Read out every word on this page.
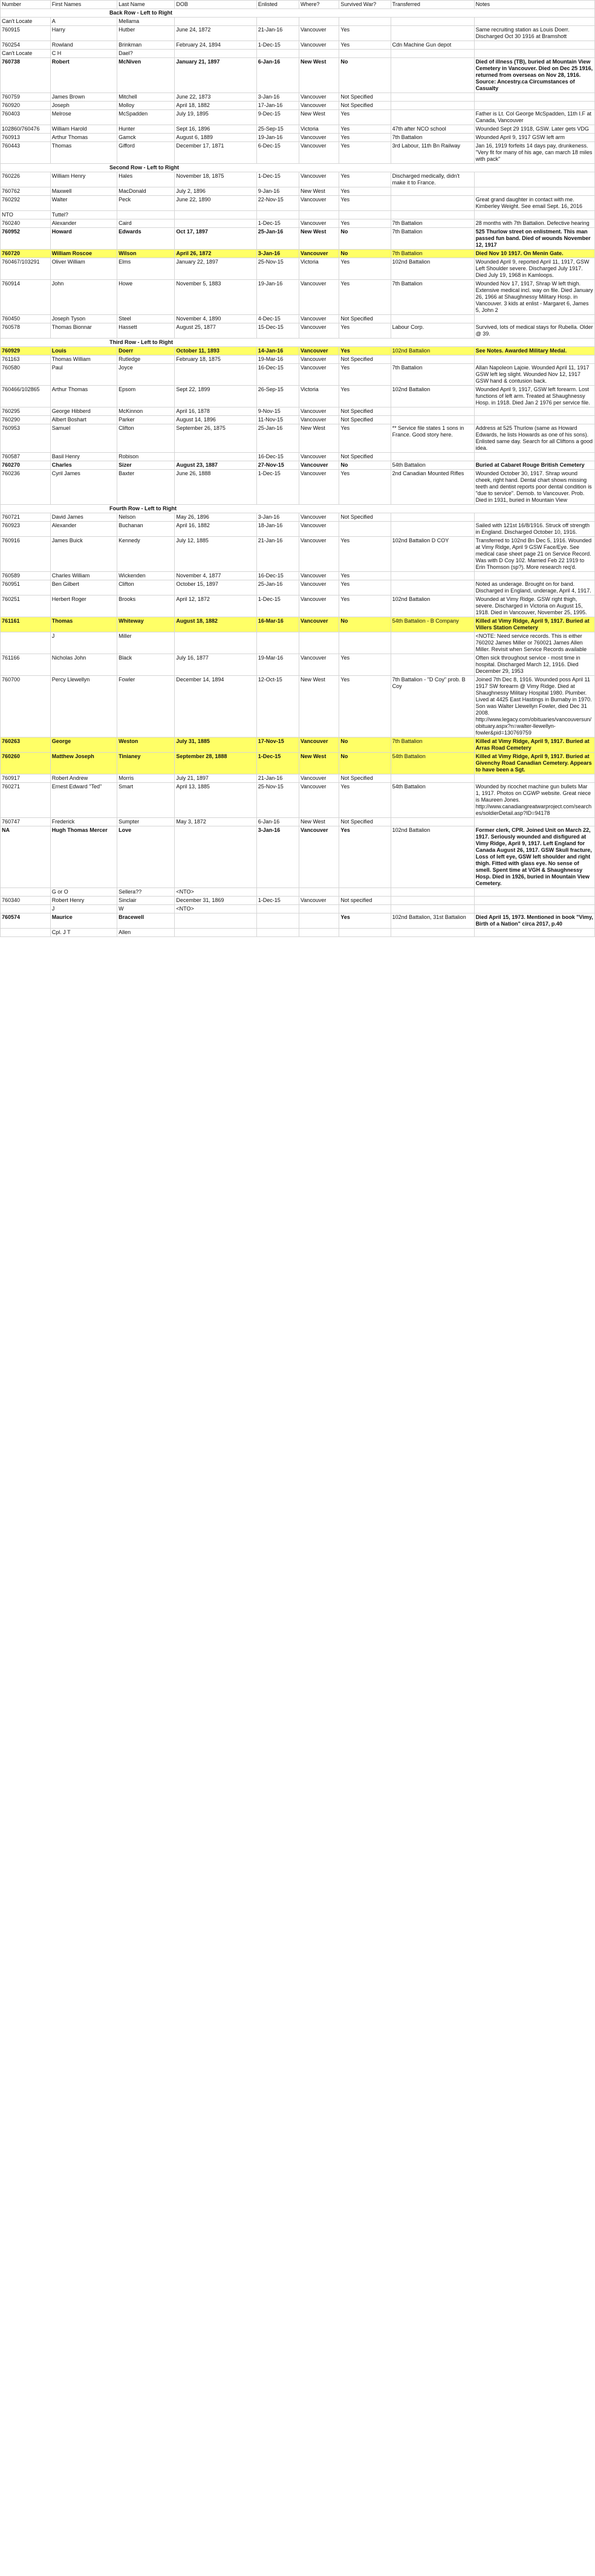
Number	First Names	Last Name	DOB	Enlisted	Where?	Survived War?	Transferred	Notes
Back Row - Left to Right								
Can't Locate	A	Mellama						
760915	Harry	Hutber	June 24, 1872	21-Jan-16	Vancouver	Yes		Same recruiting station as Louis Doerr. Discharged Oct 30 1916 at Bramshott
760254	Rowland	Brinkman	February 24, 1894	1-Dec-15	Vancouver	Yes	Cdn Machine Gun depot	
Can't Locate	C H	Dael?						
760738	Robert	McNiven	January 21, 1897	6-Jan-16	New West	No		Died of illness (TB), buried at Mountain View Cemetery in Vancouver. Died on Dec 25 1916, returned from overseas on Nov 28, 1916. Source: Ancestry.ca Circumstances of Casualty
760759	James Brown	Mitchell	June 22, 1873	3-Jan-16	Vancouver	Not Specified		
760920	Joseph	Molloy	April 18, 1882	17-Jan-16	Vancouver	Not Specified		
760403	Melrose	McSpadden	July 19, 1895	9-Dec-15	New West	Yes		Father is Lt. Col George McSpadden, 11th I.F at Canada, Vancouver
102860/760476	William Harold	Hunter	Sept 16, 1896	25-Sep-15	Victoria	Yes	47th after NCO school	Wounded Sept 29 1918, GSW. Later gets VDG
760913	Arthur Thomas	Gamck	August 6, 1889	19-Jan-16	Vancouver	Yes	7th Battalion	Wounded April 9, 1917 GSW left arm
760443	Thomas	Gifford	December 17, 1871	6-Dec-15	Vancouver	Yes	3rd Labour, 11th Bn Railway	Jan 16, 1919 forfeits 14 days pay, drunkeness. "Very fit for many of his age, can march 18 miles with pack"
Second Row - Left to Right								
760226	William Henry	Hales	November 18, 1875	1-Dec-15	Vancouver	Yes	Discharged medically, didn't make it to France.	
760762	Maxwell	MacDonald	July 2, 1896	9-Jan-16	New West	Yes		
760292	Walter	Peck	June 22, 1890	22-Nov-15	Vancouver	Yes		Great grand daughter in contact with me. Kimberley Weight. See email Sept. 16, 2016
NTO	Tuttel?							
760240	Alexander	Caird		1-Dec-15	Vancouver	Yes	7th Battalion	28 months with 7th Battalion. Defective hearing
760952	Howard	Edwards	Oct 17, 1897	25-Jan-16	New West	No	7th Battalion	525 Thurlow street on enlistment. This man passed fun band. Died of wounds November 12, 1917
760720	William Roscoe	Wilson	April 26, 1872	3-Jan-16	Vancouver	No	7th Battalion	Died Nov 10 1917. On Menin Gate.
760467/103291	Oliver William	Elms	January 22, 1897	25-Nov-15	Victoria	Yes	102nd Battalion	Wounded April 9, reported April 11, 1917, GSW Left Shoulder severe. Discharged July 1917. Died July 19, 1968 in Kamloops.
760914	John	Howe	November 5, 1883	19-Jan-16	Vancouver	Yes	7th Battalion	Wounded Nov 17, 1917, Shrap W left thigh. Extensive medical incl. way on file. Died January 26, 1966 at Shaughnessy Military Hosp. in Vancouver. 3 kids at enlist - Margaret 6, James 5, John 2
760450	Joseph Tyson	Steel	November 4, 1890	4-Dec-15	Vancouver	Not Specified		
760578	Thomas Bionnar	Hassett	August 25, 1877	15-Dec-15	Vancouver	Yes	Labour Corp.	Survived, lots of medical stays for Rubella. Older @ 39.
Third Row - Left to Right								
760929	Louis	Doerr	October 11, 1893	14-Jan-16	Vancouver	Yes	102nd Battalion	See Notes. Awarded Military Medal.
761163	Thomas William	Rutledge	February 18, 1875	19-Mar-16	Vancouver	Not Specified		
760580	Paul	Joyce		16-Dec-15	Vancouver	Yes	7th Battalion	Allan Napoleon Lajoie. Wounded April 11, 1917 GSW left leg slight. Wounded Nov 12, 1917 GSW hand & contusion back.
760466/102865	Arthur Thomas	Epsom	Sept 22, 1899	26-Sep-15	Victoria	Yes	102nd Battalion	Wounded April 9, 1917, GSW left forearm. Lost functions of left arm. Treated at Shaughnessy Hosp. in 1918. Died Jan 2 1976 per service file.
760295	George Hibberd	McKinnon	April 16, 1878	9-Nov-15	Vancouver	Not Specified		
760290	Albert Boshart	Parker	August 14, 1896	11-Nov-15	Vancouver	Not Specified		
760953	Samuel	Clifton	September 26, 1875	25-Jan-16	New West	Yes	** Service file states 1 sons in France. Good story here.	Address at 525 Thurlow (same as Howard Edwards, he lists Howards as one of his sons). Enlisted same day. Search for all Cliftons a good idea.
760587	Basil Henry	Robison		16-Dec-15	Vancouver	Not Specified		
760270	Charles	Sizer	August 23, 1887	27-Nov-15	Vancouver	No	54th Battalion	Buried at Cabaret Rouge British Cemetery
760236	Cyril James	Baxter	June 26, 1888	1-Dec-15	Vancouver	Yes	2nd Canadian Mounted Rifles	Wounded October 30, 1917. Shrap wound cheek, right hand. Dental chart shows missing teeth and dentist reports poor dental condition is "due to service". Demob. to Vancouver. Prob. Died in 1931, buried in Mountain View
Fourth Row - Left to Right								
760721	David James	Nelson	May 26, 1896	3-Jan-16	Vancouver	Not Specified		
760923	Alexander	Buchanan	April 16, 1882	18-Jan-16	Vancouver			Sailed with 121st 16/8/1916. Struck off strength in England. Discharged October 10, 1916.
760916	James Buick	Kennedy	July 12, 1885	21-Jan-16	Vancouver	Yes	102nd Battalion D COY	Transferred to 102nd Bn Dec 5, 1916. Wounded at Vimy Ridge, April 9 GSW Face/Eye. See medical case sheet page 21 on Service Record. Was with D Coy 102. Married Feb 22 1919 to Erin Thomson (sp?). More research req'd.
760589	Charles William	Wickenden	November 4, 1877	16-Dec-15	Vancouver	Yes		
760951	Ben Gilbert	Clifton	October 15, 1897	25-Jan-16	Vancouver	Yes		Noted as underage. Brought on for band. Discharged in England, underage, April 4, 1917.
760251	Herbert Roger	Brooks	April 12, 1872	1-Dec-15	Vancouver	Yes	102nd Battalion	Wounded at Vimy Ridge. GSW right thigh, severe. Discharged in Victoria on August 15, 1918. Died in Vancouver, November 25, 1995.
761161	Thomas	Whiteway	August 18, 1882	16-Mar-16	Vancouver	No	54th Battalion - B Company	Killed at Vimy Ridge, April 9, 1917. Buried at Villers Station Cemetery
	J	Miller						<NOTE: Need service records. This is either 760202 James Miller or 760021 James Allen Miller. Revisit when Service Records available
761166	Nicholas John	Black	July 16, 1877	19-Mar-16	Vancouver	Yes		Often sick throughout service - most time in hospital. Discharged March 12, 1916. Died December 29, 1953
760700	Percy Llewellyn	Fowler	December 14, 1894	12-Oct-15	New West	Yes	7th Battalion - "D Coy" prob. B Coy	Joined 7th Dec 8, 1916. Wounded poss April 11 1917 SW forearm @ Vimy Ridge. Died at Shaughnessy Military Hospital 1980. Plumber. Lived at 4425 East Hastings in Burnaby in 1970. Son was Walter Llewellyn Fowler, died Dec 31 2008. http://www.legacy.com/obituaries/vancouversun/obituary.aspx?n=walter-llewellyn-fowler&pid=130769759
760263	George	Weston	July 31, 1885	17-Nov-15	Vancouver	No	7th Battalion	Killed at Vimy Ridge, April 9, 1917. Buried at Arras Road Cemetery
760260	Matthew Joseph	Tinianey	September 28, 1888	1-Dec-15	New West	No	54th Battalion	Killed at Vimy Ridge, April 9, 1917. Buried at Givenchy Road Canadian Cemetery. Appears to have been a Sgt.
760917	Robert Andrew	Morris	July 21, 1897	21-Jan-16	Vancouver	Not Specified		
760271	Ernest Edward "Ted"	Smart	April 13, 1885	25-Nov-15	Vancouver	Yes	54th Battalion	Wounded by ricochet machine gun bullets Mar 1, 1917. Photos on CGWP website. Great niece is Maureen Jones. http://www.canadiangreatwarproject.com/searches/soldierDetail.asp?ID=94178
760747	Frederick	Sumpter	May 3, 1872	6-Jan-16	New West	Not Specified		
NA	Hugh Thomas Mercer	Love		3-Jan-16	Vancouver	Yes	102nd Battalion	Former clerk, CPR. Joined Unit on March 22, 1917. Seriously wounded and disfigured at Vimy Ridge, April 9, 1917. Left England for Canada August 26, 1917. GSW Skull fracture, Loss of left eye, GSW left shoulder and right thigh. Fitted with glass eye. No sense of smell. Spent time at VGH & Shaughnessy Hosp. Died in 1926, buried in Mountain View Cemetery.
	G or O	Sellera??	<NTO>					
760340	Robert Henry	Sinclair	December 31, 1869	1-Dec-15	Vancouver	Not specified		
	J	W	<NTO>					
760574	Maurice	Bracewell				Yes	102nd Battalion, 31st Battalion	Died April 15, 1973. Mentioned in book "Vimy, Birth of a Nation" circa 2017, p.40
	Cpl. J T	Allen						
